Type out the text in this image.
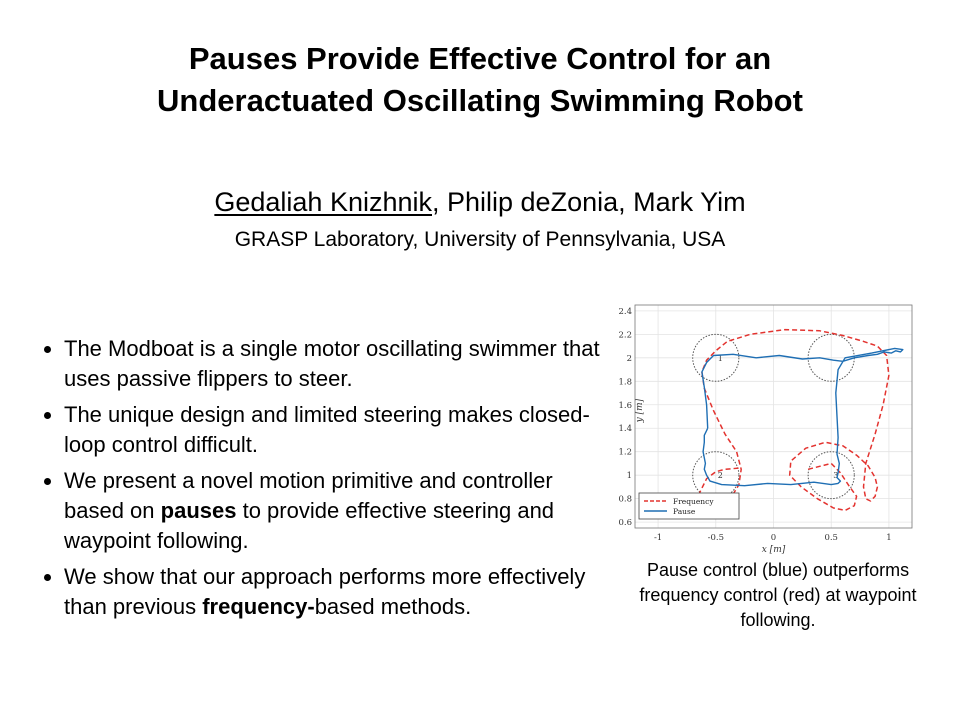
Pauses Provide Effective Control for an
Underactuated Oscillating Swimming Robot
Gedaliah Knizhnik, Philip deZonia, Mark Yim
GRASP Laboratory, University of Pennsylvania, USA
The Modboat is a single motor oscillating swimmer that uses passive flippers to steer.
The unique design and limited steering makes closed-loop control difficult.
We present a novel motion primitive and controller based on pauses to provide effective steering and waypoint following.
We show that our approach performs more effectively than previous frequency-based methods.
-1	-0.5	0	0.5	1
0.6
0.8
1
1.2
1.4
1.6
1.8
2
2.2
2.4
x [m]
y [m]
1
2	3
Frequency
Pause
Pause control (blue) outperforms frequency control (red) at waypoint following.
